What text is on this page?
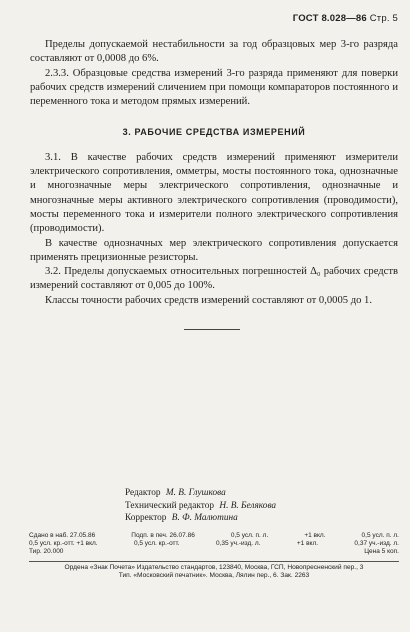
ГОСТ 8.028—86 Стр. 5

Пределы допускаемой нестабильности за год образцовых мер 3-го разряда составляют от 0,0008 до 6%.

2.3.3. Образцовые средства измерений 3-го разряда применяют для поверки рабочих средств измерений сличением при помощи компараторов постоянного и переменного тока и методом прямых измерений.

3. РАБОЧИЕ СРЕДСТВА ИЗМЕРЕНИЙ

3.1. В качестве рабочих средств измерений применяют измерители электрического сопротивления, омметры, мосты постоянного тока, однозначные и многозначные меры электрического сопротивления, однозначные и многозначные меры активного электрического сопротивления (проводимости), мосты переменного тока и измерители полного электрического сопротивления (проводимости).

В качестве однозначных мер электрического сопротивления допускается применять прецизионные резисторы.

3.2. Пределы допускаемых относительных погрешностей Δ₀ рабочих средств измерений составляют от 0,005 до 100%.

Классы точности рабочих средств измерений составляют от 0,0005 до 1.

Редактор М. В. Глушкова
Технический редактор Н. В. Белякова
Корректор В. Ф. Малютина
Сдано в наб. 27.05.86	Подп. в печ. 26.07.86	0,5 усл. п. л.	+1 вкл.	0,5 усл. п. л.
0,5 усл. кр.-отт. +1 вкл.	0,5 усл. кр.-отт.	0,35 уч.-изд. л.	+1 вкл.	0,37 уч.-изд. л.
Тир. 20.000	Цена 5 коп.
Ордена «Знак Почета» Издательство стандартов, 123840, Москва, ГСП, Новопресненский пер., 3
Тип. «Московский печатник». Москва, Лялин пер., 6. Зак. 2263
